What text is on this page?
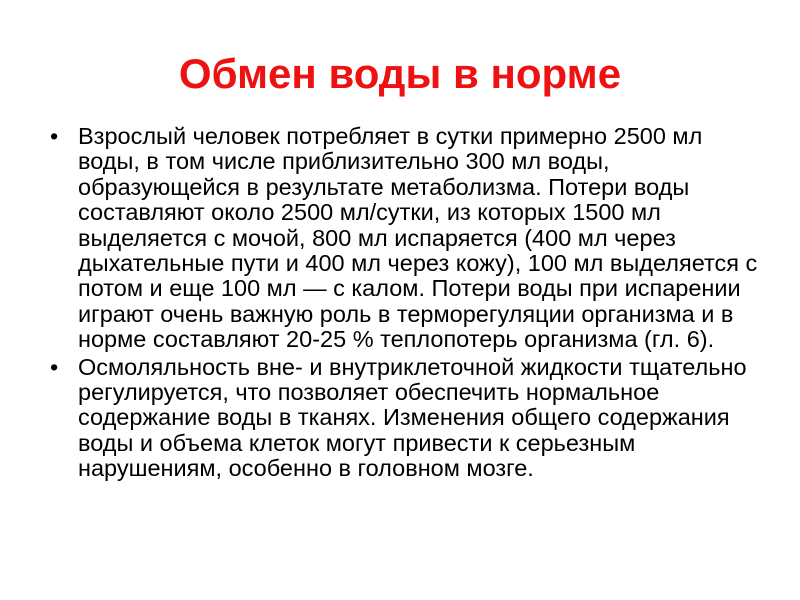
Обмен воды в норме
• Взрослый человек потребляет в сутки примерно 2500 мл воды, в том числе приблизительно 300 мл воды, образующейся в результате метаболизма. Потери воды составляют около 2500 мл/сутки, из которых 1500 мл выделяется с мочой, 800 мл испаряется (400 мл через дыхательные пути и 400 мл через кожу), 100 мл выделяется с потом и еще 100 мл — с калом. Потери воды при испарении играют очень важную роль в терморегуляции организма и в норме составляют 20-25 % теплопотерь организма (гл. 6).
• Осмоляльность вне- и внутриклеточной жидкости тщательно регулируется, что позволяет обеспечить нормальное содержание воды в тканях. Изменения общего содержания воды и объема клеток могут привести к серьезным нарушениям, особенно в головном мозге.
